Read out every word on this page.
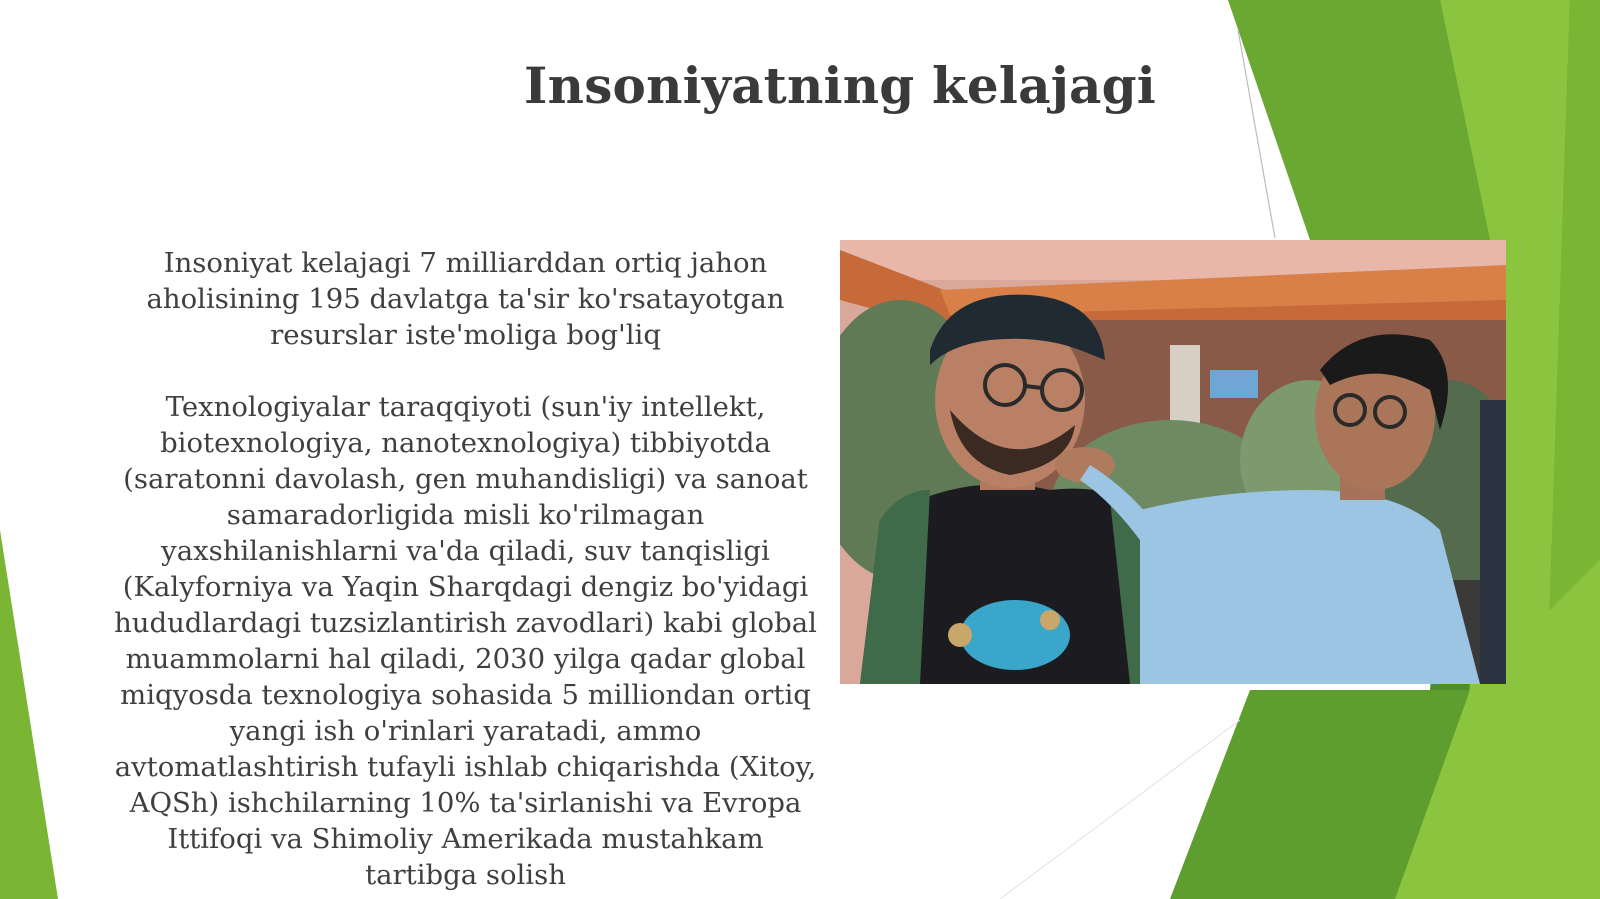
Insoniyatning kelajagi

Insoniyat kelajagi 7 milliarddan ortiq jahon aholisining 195 davlatga ta'sir ko'rsatayotgan resurslar iste'moliga bog'liq

Texnologiyalar taraqqiyoti (sun'iy intellekt, biotexnologiya, nanotexnologiya) tibbiyotda (saratonni davolash, gen muhandisligi) va sanoat samaradorligida misli ko'rilmagan yaxshilanishlarni va'da qiladi, suv tanqisligi (Kalyforniya va Yaqin Sharqdagi dengiz bo'yidagi hududlardagi tuzsizlantirish zavodlari) kabi global muammolarni hal qiladi, 2030 yilga qadar global miqyosda texnologiya sohasida 5 milliondan ortiq yangi ish o'rinlari yaratadi, ammo avtomatlashtirish tufayli ishlab chiqarishda (Xitoy, AQSh) ishchilarning 10% ta'sirlanishi va Evropa Ittifoqi va Shimoliy Amerikada mustahkam tartibga solish
